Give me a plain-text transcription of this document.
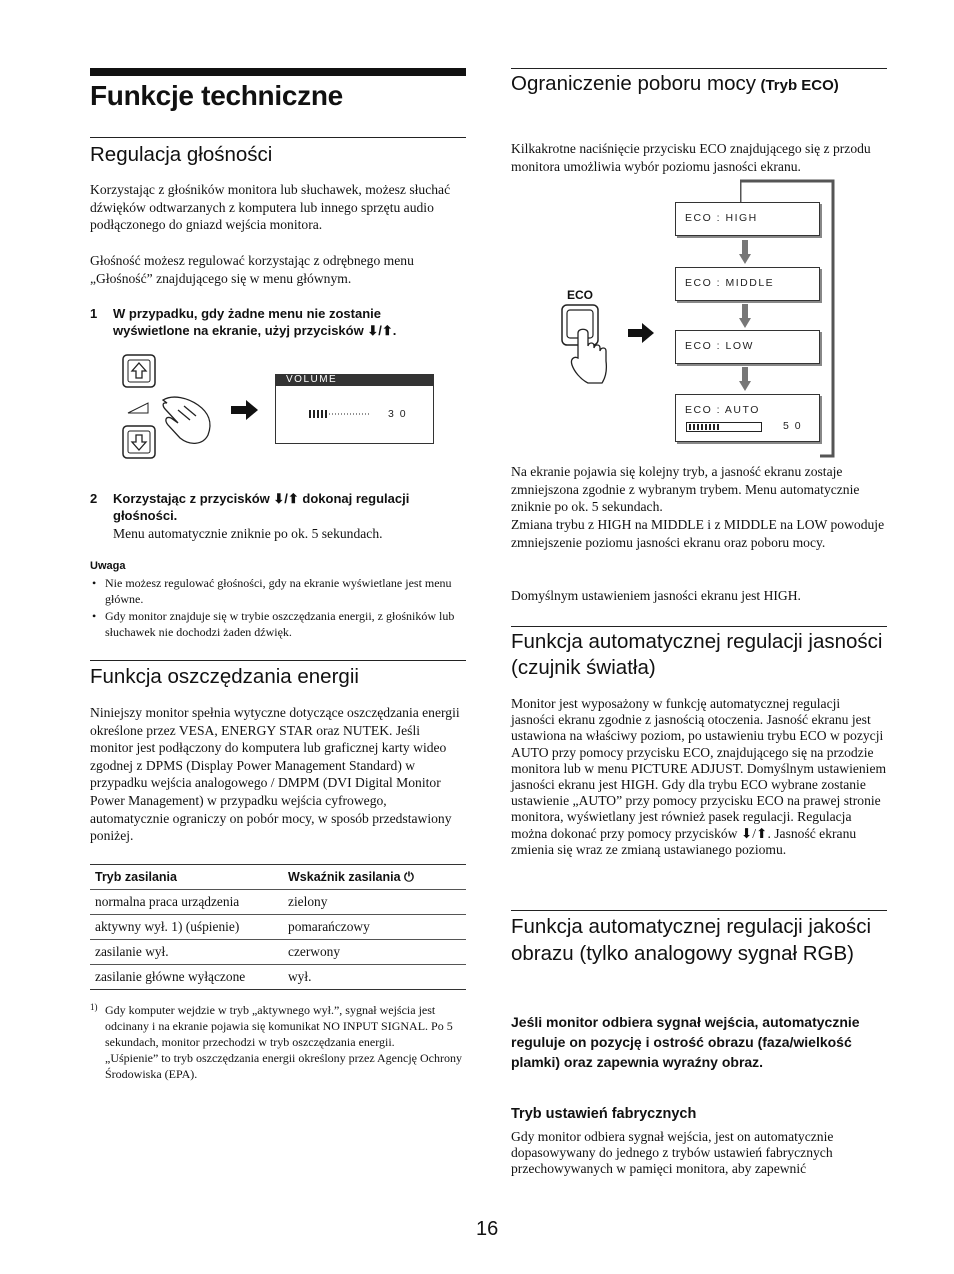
Funkcje techniczne
Regulacja głośności

Korzystając z głośników monitora lub słuchawek, możesz słuchać dźwięków odtwarzanych z komputera lub innego sprzętu audio podłączonego do gniazd wejścia monitora.

Głośność możesz regulować korzystając z odrębnego menu „Głośność” znajdującego się w menu głównym.

1 W przypadku, gdy żadne menu nie zostanie wyświetlone na ekranie, użyj przycisków ⬇/⬆.
VOLUME
3 0
2 Korzystając z przycisków ⬇/⬆ dokonaj regulacji głośności.

Menu automatycznie zniknie po ok. 5 sekundach.

Uwaga
• Nie możesz regulować głośności, gdy na ekranie wyświetlane jest menu główne.
• Gdy monitor znajduje się w trybie oszczędzania energii, z głośników lub słuchawek nie dochodzi żaden dźwięk.
Funkcja oszczędzania energii

Niniejszy monitor spełnia wytyczne dotyczące oszczędzania energii określone przez VESA, ENERGY STAR oraz NUTEK. Jeśli monitor jest podłączony do komputera lub graficznej karty wideo zgodnej z DPMS (Display Power Management Standard) w przypadku wejścia analogowego / DMPM (DVI Digital Monitor Power Management) w przypadku wejścia cyfrowego, automatycznie ograniczy on pobór mocy, w sposób przedstawiony poniżej.

Tryb zasilania	Wskaźnik zasilania ⏻
normalna praca urządzenia	zielony
aktywny wył. 1) (uśpienie)	pomarańczowy
zasilanie wył.	czerwony
zasilanie główne wyłączone	wył.
1) Gdy komputer wejdzie w tryb „aktywnego wył.”, sygnał wejścia jest odcinany i na ekranie pojawia się komunikat NO INPUT SIGNAL. Po 5 sekundach, monitor przechodzi w tryb oszczędzania energii.
„Uśpienie” to tryb oszczędzania energii określony przez Agencję Ochrony Środowiska (EPA).
Ograniczenie poboru mocy (Tryb ECO)

Kilkakrotne naciśnięcie przycisku ECO znajdującego się z przodu monitora umożliwia wybór poziomu jasności ekranu.

ECO
ECO : HIGH
ECO : MIDDLE
ECO : LOW
ECO : AUTO
5 0

Na ekranie pojawia się kolejny tryb, a jasność ekranu zostaje zmniejszona zgodnie z wybranym trybem. Menu automatycznie zniknie po ok. 5 sekundach.

Zmiana trybu z HIGH na MIDDLE i z MIDDLE na LOW powoduje zmniejszenie poziomu jasności ekranu oraz poboru mocy.

Domyślnym ustawieniem jasności ekranu jest HIGH.

Funkcja automatycznej regulacji jasności (czujnik światła)

Monitor jest wyposażony w funkcję automatycznej regulacji jasności ekranu zgodnie z jasnością otoczenia. Jasność ekranu jest ustawiona na właściwy poziom, po ustawieniu trybu ECO w pozycji AUTO przy pomocy przycisku ECO, znajdującego się na przodzie monitora lub w menu PICTURE ADJUST. Domyślnym ustawieniem jasności ekranu jest HIGH. Gdy dla trybu ECO wybrane zostanie ustawienie „AUTO” przy pomocy przycisku ECO na prawej stronie monitora, wyświetlany jest również pasek regulacji. Regulacja można dokonać przy pomocy przycisków ⬇/⬆. Jasność ekranu zmienia się wraz ze zmianą ustawianego poziomu.

Funkcja automatycznej regulacji jakości obrazu (tylko analogowy sygnał RGB)

Jeśli monitor odbiera sygnał wejścia, automatycznie reguluje on pozycję i ostrość obrazu (faza/wielkość plamki) oraz zapewnia wyraźny obraz.

Tryb ustawień fabrycznych

Gdy monitor odbiera sygnał wejścia, jest on automatycznie dopasowywany do jednego z trybów ustawień fabrycznych przechowywanych w pamięci monitora, aby zapewnić

16
